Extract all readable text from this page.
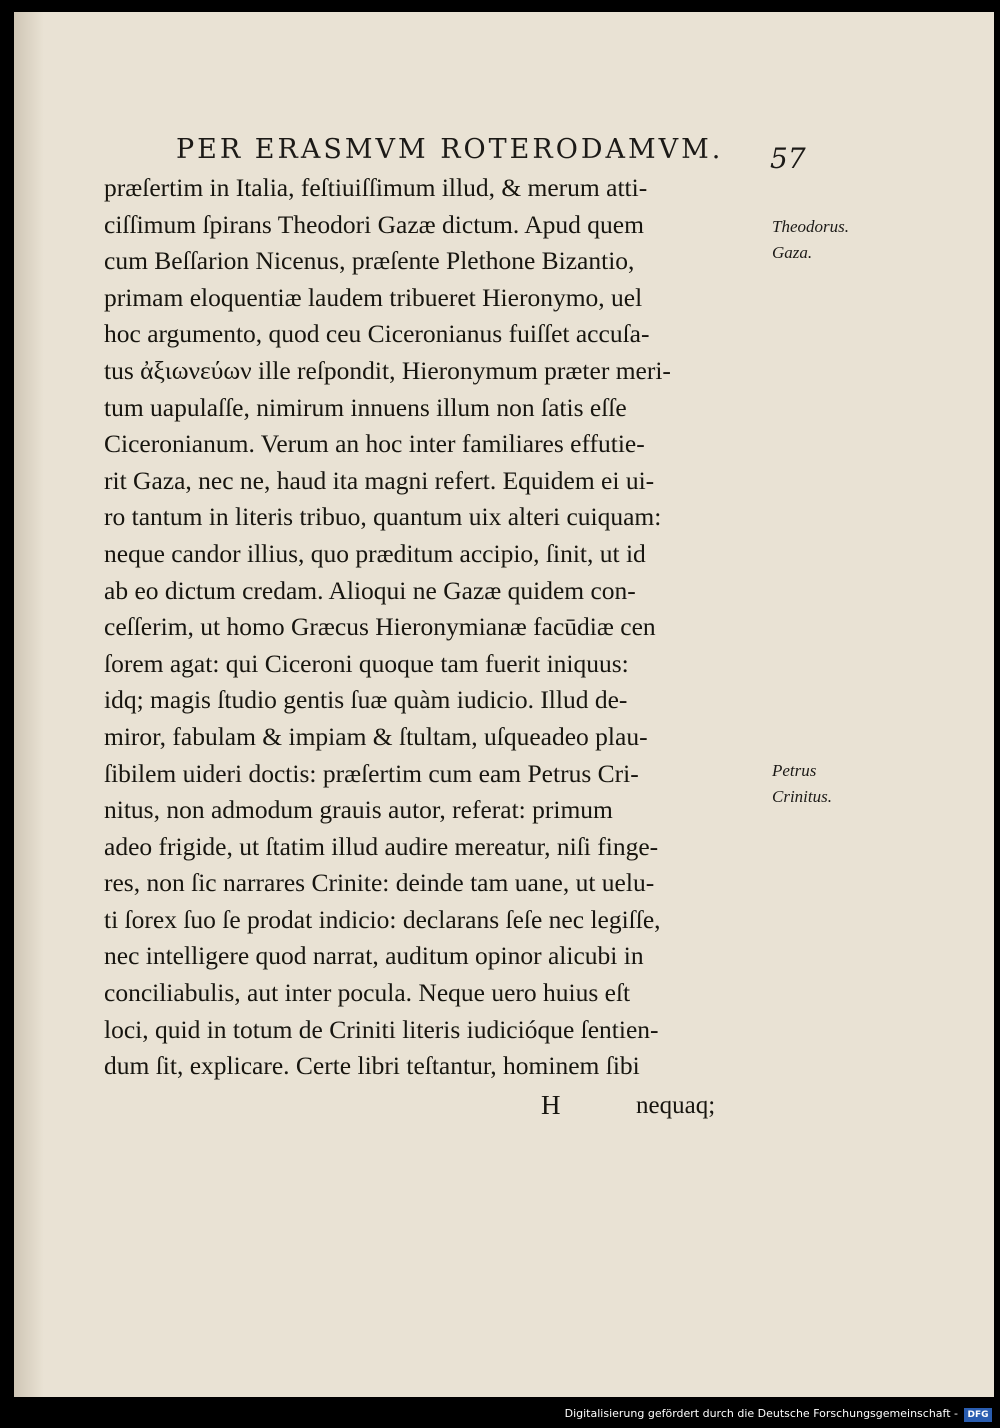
PER ERASMVM ROTERODAMVM. 57
præſertim in Italia, feſtiuiſſimum illud, & merum atti-
ciſſimum ſpirans Theodori Gazæ dictum. Apud quem
cum Beſſarion Nicenus, præſente Plethone Bizantio,
primam eloquentiæ laudem tribueret Hieronymo, uel
hoc argumento, quod ceu Ciceronianus fuiſſet accuſa-
tus ἀξιωνεύων ille reſpondit, Hieronymum præter meri-
tum uapulaſſe, nimirum innuens illum non ſatis eſſe
Ciceronianum. Verum an hoc inter familiares effutie-
rit Gaza, nec ne, haud ita magni refert. Equidem ei ui-
ro tantum in literis tribuo, quantum uix alteri cuiquam:
neque candor illius, quo præditum accipio, ſinit, ut id
ab eo dictum credam. Alioqui ne Gazæ quidem con-
ceſſerim, ut homo Græcus Hieronymianæ facūdiæ cen
ſorem agat: qui Ciceroni quoque tam fuerit iniquus:
idq; magis ſtudio gentis ſuæ quàm iudicio. Illud de-
miror, fabulam & impiam & ſtultam, uſqueadeo plau-
ſibilem uideri doctis: præſertim cum eam Petrus Cri-
nitus, non admodum grauis autor, referat: primum
adeo frigide, ut ſtatim illud audire mereatur, niſi finge-
res, non ſic narrares Crinite: deinde tam uane, ut uelu-
ti ſorex ſuo ſe prodat indicio: declarans ſeſe nec legiſſe,
nec intelligere quod narrat, auditum opinor alicubi in
conciliabulis, aut inter pocula. Neque uero huius eſt
loci, quid in totum de Criniti literis iudicióque ſentien-
dum ſit, explicare. Certe libri teſtantur, hominem ſibi
Theodorus.
Gaza.
Petrus
Crinitus.
H	nequaq;
Digitalisierung gefördert durch die Deutsche Forschungsgemeinschaft -	DFG
